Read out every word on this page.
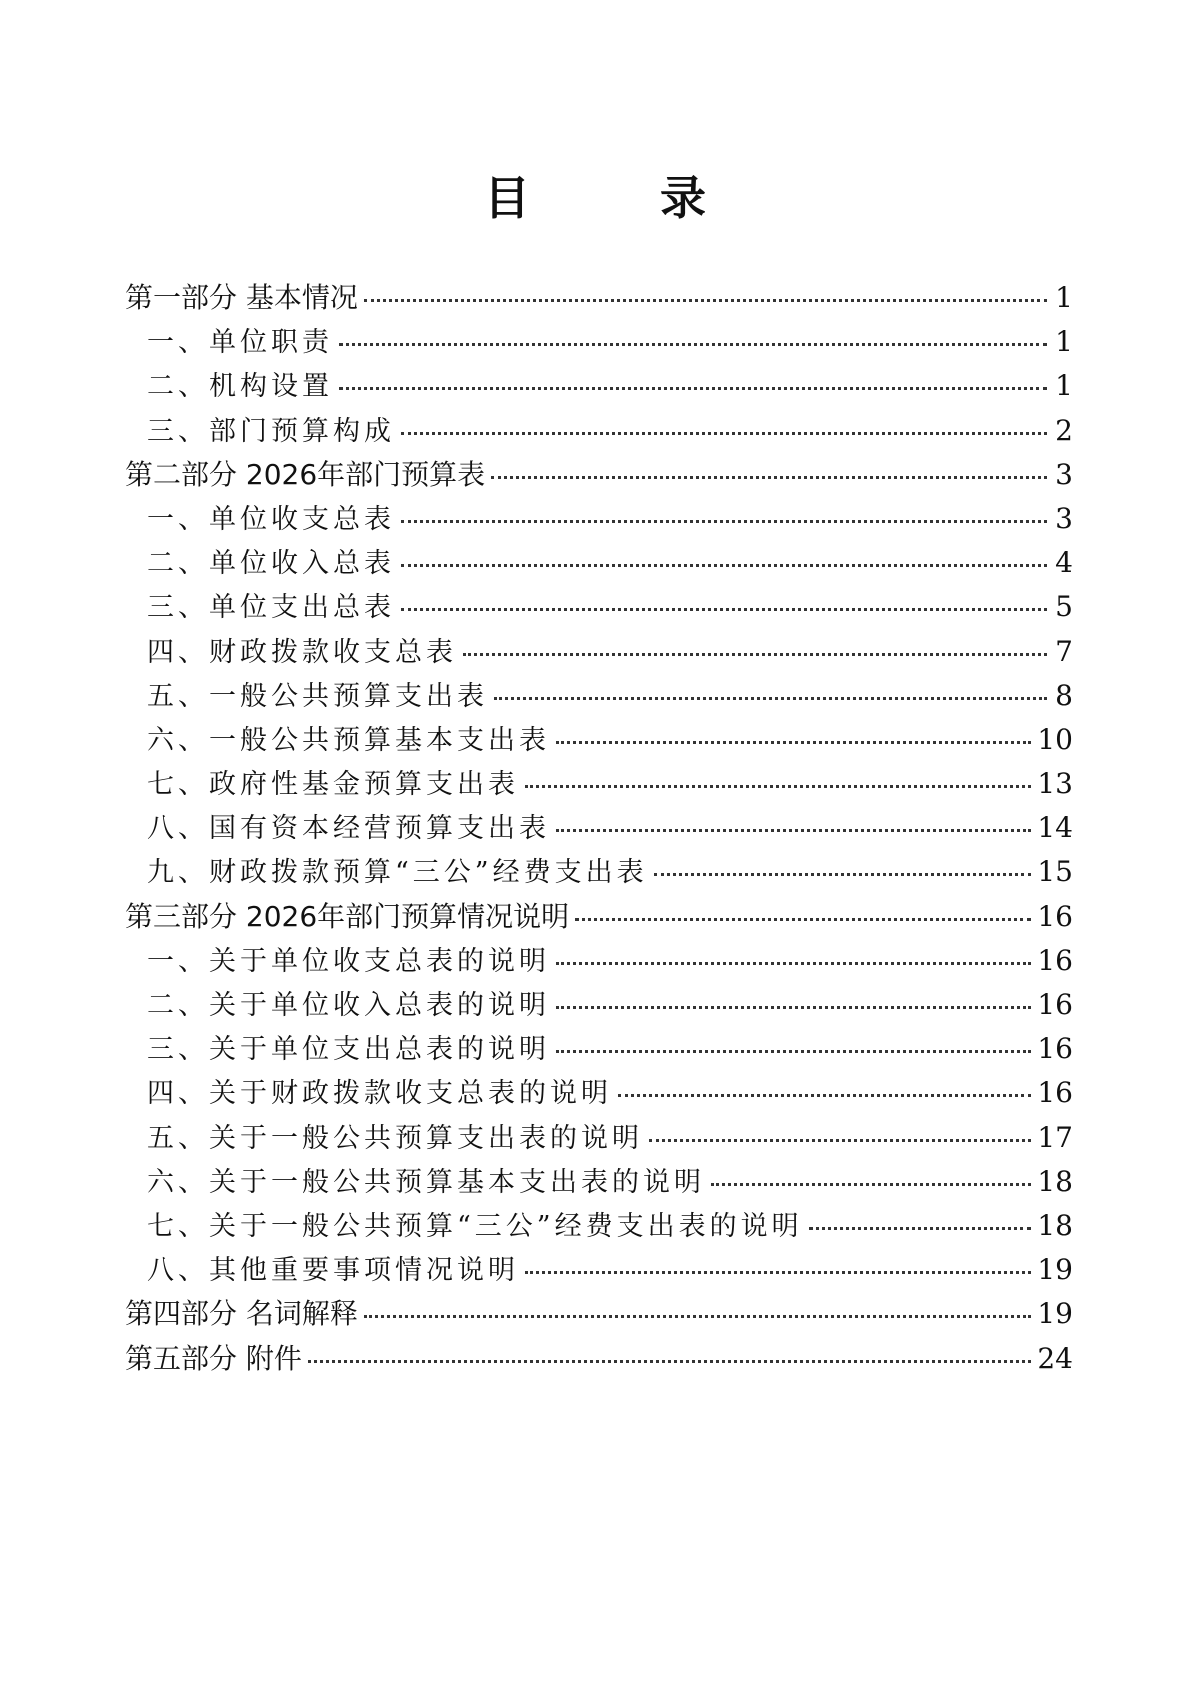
目　录
第一部分 基本情况	1
一、单位职责	1
二、机构设置	1
三、部门预算构成	2
第二部分 2026年部门预算表	3
一、单位收支总表	3
二、单位收入总表	4
三、单位支出总表	5
四、财政拨款收支总表	7
五、一般公共预算支出表	8
六、一般公共预算基本支出表	10
七、政府性基金预算支出表	13
八、国有资本经营预算支出表	14
九、财政拨款预算“三公”经费支出表	15
第三部分 2026年部门预算情况说明	16
一、关于单位收支总表的说明	16
二、关于单位收入总表的说明	16
三、关于单位支出总表的说明	16
四、关于财政拨款收支总表的说明	16
五、关于一般公共预算支出表的说明	17
六、关于一般公共预算基本支出表的说明	18
七、关于一般公共预算“三公”经费支出表的说明	18
八、其他重要事项情况说明	19
第四部分 名词解释	19
第五部分 附件	24
